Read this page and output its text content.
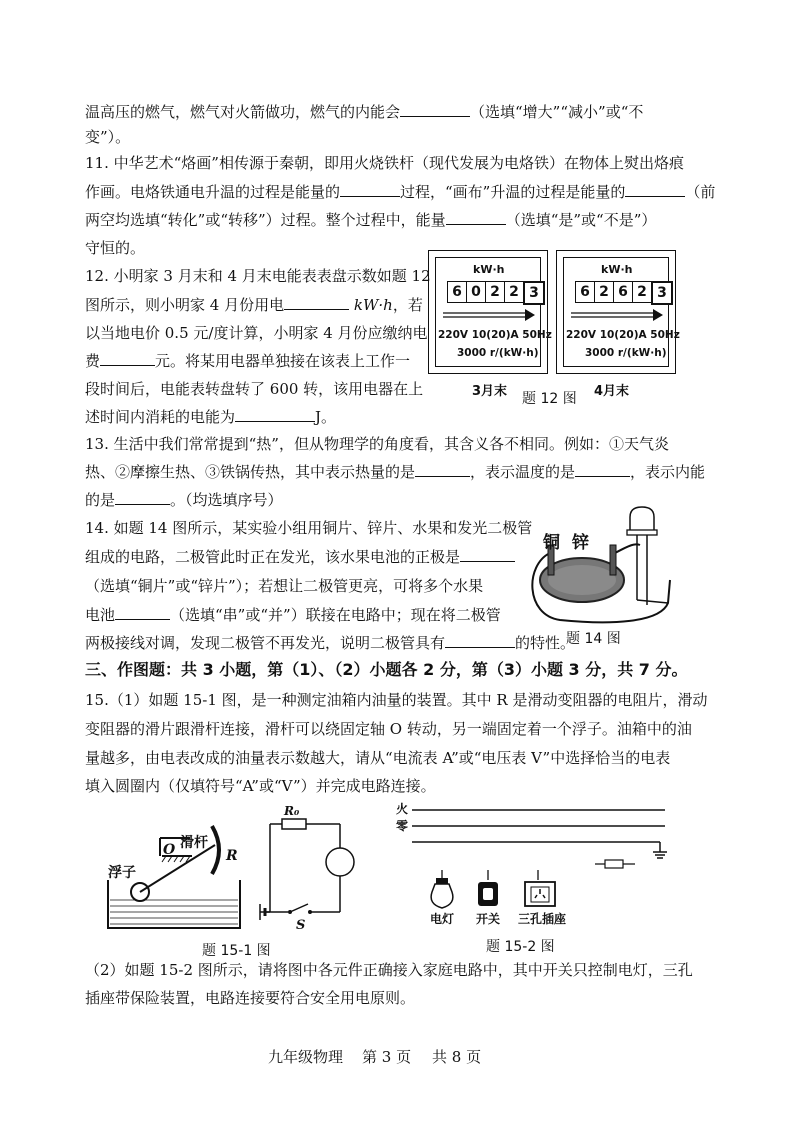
温高压的燃气，燃气对火箭做功，燃气的内能会	（选填“增大”“减小”或“不
变”）。
11. 中华艺术“烙画”相传源于秦朝，即用火烧铁杆（现代发展为电烙铁）在物体上熨出烙痕
作画。电烙铁通电升温的过程是能量的	过程，“画布”升温的过程是能量的	（前
两空均选填“转化”或“转移”）过程。整个过程中，能量	（选填“是”或“不是”）
守恒的。
12. 小明家 3 月末和 4 月末电能表表盘示数如题 12
图所示，则小明家 4 月份用电	kW·h，若
以当地电价 0.5 元/度计算，小明家 4 月份应缴纳电
费	元。将某用电器单独接在该表上工作一
段时间后，电能表转盘转了 600 转，该用电器在上
述时间内消耗的电能为	J。
kW·h
6 0 2 2 3
220V 10(20)A 50Hz
3000 r/(kW·h)
3月末
kW·h
6 2 6 2 3
220V 10(20)A 50Hz
3000 r/(kW·h)
4月末
题 12 图
13. 生活中我们常常提到“热”，但从物理学的角度看，其含义各不相同。例如：①天气炎
热、②摩擦生热、③铁锅传热，其中表示热量的是	，表示温度的是	，表示内能
的是	。（均选填序号）
14. 如题 14 图所示，某实验小组用铜片、锌片、水果和发光二极管
组成的电路，二极管此时正在发光，该水果电池的正极是
（选填“铜片”或“锌片”）；若想让二极管更亮，可将多个水果
电池	（选填“串”或“并”）联接在电路中；现在将二极管
两极接线对调，发现二极管不再发光，说明二极管具有	的特性。
铜 锌
题 14 图
三、作图题：共 3 小题，第（1）、（2）小题各 2 分，第（3）小题 3 分，共 7 分。
15.（1）如题 15-1 图，是一种测定油箱内油量的装置。其中 R 是滑动变阻器的电阻片，滑动
变阻器的滑片跟滑杆连接，滑杆可以绕固定轴 O 转动，另一端固定着一个浮子。油箱中的油
量越多，由电表改成的油量表示数越大，请从“电流表 A”或“电压表 V”中选择恰当的电表
填入圆圈内（仅填符号“A”或“V”）并完成电路连接。
浮子
O 滑杆
R
R₀
S
题 15-1 图
火
零
电灯 开关 三孔插座
题 15-2 图
（2）如题 15-2 图所示，请将图中各元件正确接入家庭电路中，其中开关只控制电灯，三孔
插座带保险装置，电路连接要符合安全用电原则。
九年级物理 第 3 页 共 8 页
